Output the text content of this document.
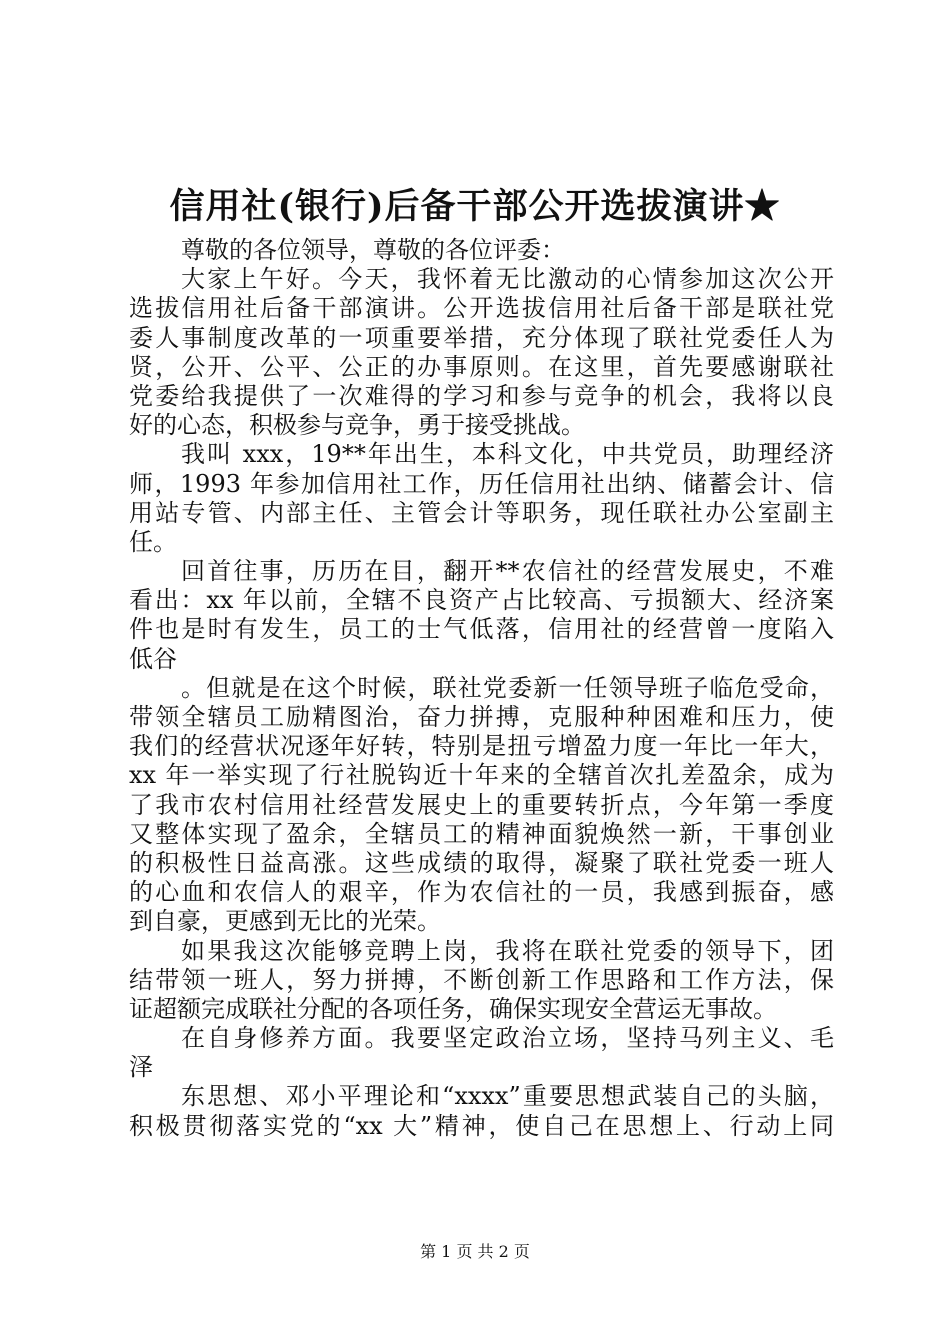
信用社(银行)后备干部公开选拔演讲★
尊敬的各位领导，尊敬的各位评委：
大家上午好。今天，我怀着无比激动的心情参加这次公开
选拔信用社后备干部演讲。公开选拔信用社后备干部是联社党
委人事制度改革的一项重要举措，充分体现了联社党委任人为
贤，公开、公平、公正的办事原则。在这里，首先要感谢联社
党委给我提供了一次难得的学习和参与竞争的机会，我将以良
好的心态，积极参与竞争，勇于接受挑战。
我叫 xxx，19**年出生，本科文化，中共党员，助理经济
师，1993 年参加信用社工作，历任信用社出纳、储蓄会计、信
用站专管、内部主任、主管会计等职务，现任联社办公室副主
任。
回首往事，历历在目，翻开**农信社的经营发展史，不难
看出：xx 年以前，全辖不良资产占比较高、亏损额大、经济案
件也是时有发生，员工的士气低落，信用社的经营曾一度陷入
低谷
。但就是在这个时候，联社党委新一任领导班子临危受命，
带领全辖员工励精图治，奋力拼搏，克服种种困难和压力，使
我们的经营状况逐年好转，特别是扭亏增盈力度一年比一年大，
xx 年一举实现了行社脱钩近十年来的全辖首次扎差盈余，成为
了我市农村信用社经营发展史上的重要转折点，今年第一季度
又整体实现了盈余，全辖员工的精神面貌焕然一新，干事创业
的积极性日益高涨。这些成绩的取得，凝聚了联社党委一班人
的心血和农信人的艰辛，作为农信社的一员，我感到振奋，感
到自豪，更感到无比的光荣。
如果我这次能够竞聘上岗，我将在联社党委的领导下，团
结带领一班人，努力拼搏，不断创新工作思路和工作方法，保
证超额完成联社分配的各项任务，确保实现安全营运无事故。
在自身修养方面。我要坚定政治立场，坚持马列主义、毛
泽
东思想、邓小平理论和“xxxx”重要思想武装自己的头脑，
积极贯彻落实党的“xx 大”精神，使自己在思想上、行动上同
第 1 页 共 2 页
